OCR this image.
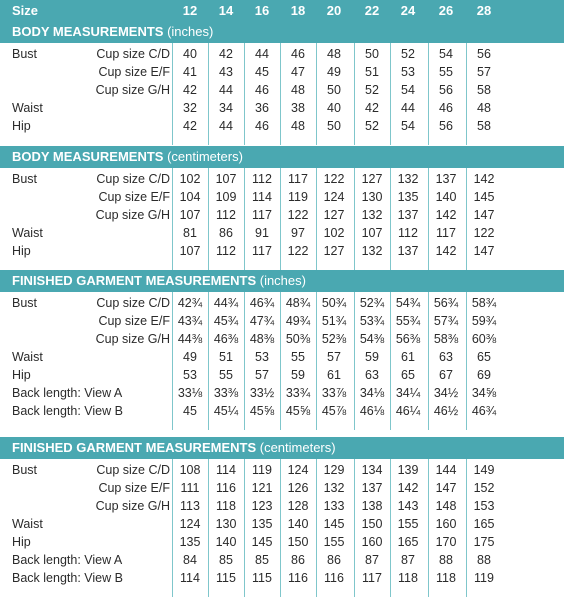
Size	12	14	16	18	20	22	24	26	28
BODY MEASUREMENTS (inches)
Bust	Cup size C/D	40	42	44	46	48	50	52	54	56
Cup size E/F	41	43	45	47	49	51	53	55	57
Cup size G/H	42	44	46	48	50	52	54	56	58
Waist	32	34	36	38	40	42	44	46	48
Hip	42	44	46	48	50	52	54	56	58
BODY MEASUREMENTS (centimeters)
Bust	Cup size C/D 102	107	112	117	122	127	132	137	142
Cup size E/F 104	109	114	119	124	130	135	140	145
Cup size G/H 107	112	117	122	127	132	137	142	147
Waist	81	86	91	97	102	107	112	117	122
Hip	107	112	117	122	127	132	137	142	147
FINISHED GARMENT MEASUREMENTS (inches)
Bust	Cup size C/D 42¾ 44¾ 46¾ 48¾ 50¾	52¾ 54¾	56¾	58¾
Cup size E/F 43¾ 45¾ 47¾ 49¾ 51¾	53¾ 55¾	57¾	59¾
Cup size G/H 44⅜ 46⅜ 48⅜ 50⅜ 52⅜	54⅜ 56⅜	58⅜	60⅜
Waist	49	51	53	55	57	59	61	63	65
Hip	53	55	57	59	61	63	65	67	69
Back length: View A	33⅛ 33⅜ 33½ 33¾ 33⅞	34⅛ 34¼	34½	34⅝
Back length: View B	45	45¼ 45⅝ 45⅝ 45⅞	46⅛ 46¼	46½	46¾
FINISHED GARMENT MEASUREMENTS (centimeters)
Bust	Cup size C/D 108	114	119	124	129	134	139	144	149
Cup size E/F 111	116	121	126	132	137	142	147	152
Cup size G/H 113	118	123	128	133	138	143	148	153
Waist	124	130	135	140	145	150	155	160	165
Hip	135	140	145	150	155	160	165	170	175
Back length: View A	84	85	85	86	86	87	87	88	88
Back length: View B	114	115	115	116	116	117	118	118	119
